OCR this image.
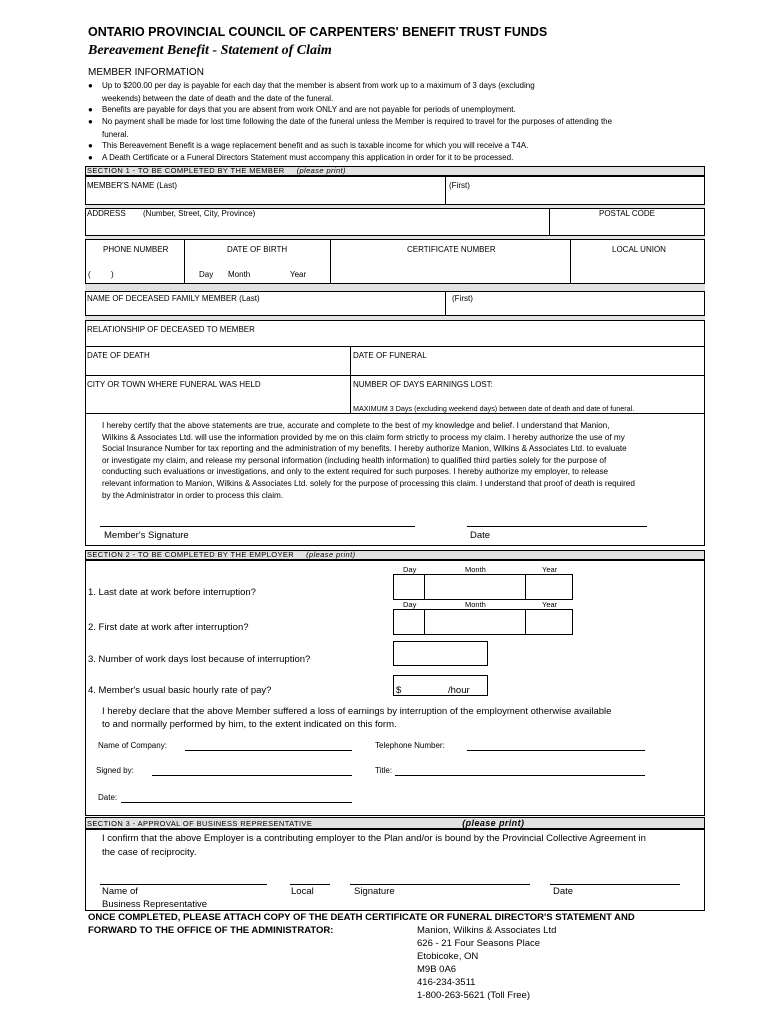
ONTARIO PROVINCIAL COUNCIL OF CARPENTERS' BENEFIT TRUST FUNDS
Bereavement Benefit - Statement of Claim
MEMBER INFORMATION
● Up to $200.00 per day is payable for each day that the member is absent from work up to a maximum of 3 days (excluding
weekends) between the date of death and the date of the funeral.
● Benefits are payable for days that you are absent from work ONLY and are not payable for periods of unemployment.
● No payment shall be made for lost time following the date of the funeral unless the Member is required to travel for the purposes of attending the
funeral.
● This Bereavement Benefit is a wage replacement benefit and as such is taxable income for which you will receive a T4A.
● A Death Certificate or a Funeral Directors Statement must accompany this application in order for it to be processed.
SECTION 1 - TO BE COMPLETED BY THE MEMBER (please print)
MEMBER'S NAME (Last)	(First)
ADDRESS (Number, Street, City, Province)	POSTAL CODE
PHONE NUMBER	DATE OF BIRTH	CERTIFICATE NUMBER	LOCAL UNION
(	)	Day Month	Year
NAME OF DECEASED FAMILY MEMBER (Last)	(First)
RELATIONSHIP OF DECEASED TO MEMBER
DATE OF DEATH	DATE OF FUNERAL
CITY OR TOWN WHERE FUNERAL WAS HELD	NUMBER OF DAYS EARNINGS LOST:
MAXIMUM 3 Days (excluding weekend days) between date of death and date of funeral.
I hereby certify that the above statements are true, accurate and complete to the best of my knowledge and belief. I understand that Manion,
Wilkins & Associates Ltd. will use the information provided by me on this claim form strictly to process my claim. I hereby authorize the use of my
Social Insurance Number for tax reporting and the administration of my benefits. I hereby authorize Manion, Wilkins & Associates Ltd. to evaluate
or investigate my claim, and release my personal information (including health information) to qualified third parties solely for the purpose of
conducting such evaluations or investigations, and only to the extent required for such purposes. I hereby authorize my employer, to release
relevant information to Manion, Wilkins & Associates Ltd. solely for the purpose of processing this claim. I understand that proof of death is required
by the Administrator in order to process this claim.
Member's Signature	Date
SECTION 2 - TO BE COMPLETED BY THE EMPLOYER (please print)
Day	Month	Year
1. Last date at work before interruption?
Day	Month	Year
2. First date at work after interruption?
3. Number of work days lost because of interruption?
$	/hour
4. Member's usual basic hourly rate of pay?
I hereby declare that the above Member suffered a loss of earnings by interruption of the employment otherwise available
to and normally performed by him, to the extent indicated on this form.
Name of Company:	Telephone Number:
Signed by:	Title:
Date:
SECTION 3 - APPROVAL OF BUSINESS REPRESENTATIVE	(please print)
I confirm that the above Employer is a contributing employer to the Plan and/or is bound by the Provincial Collective Agreement in
the case of reciprocity.
Name of
Business Representative
Local	Signature	Date
ONCE COMPLETED, PLEASE ATTACH COPY OF THE DEATH CERTIFICATE OR FUNERAL DIRECTOR'S STATEMENT AND
FORWARD TO THE OFFICE OF THE ADMINISTRATOR:	Manion, Wilkins & Associates Ltd
626 - 21 Four Seasons Place
Etobicoke, ON
M9B 0A6
416-234-3511
1-800-263-5621 (Toll Free)
